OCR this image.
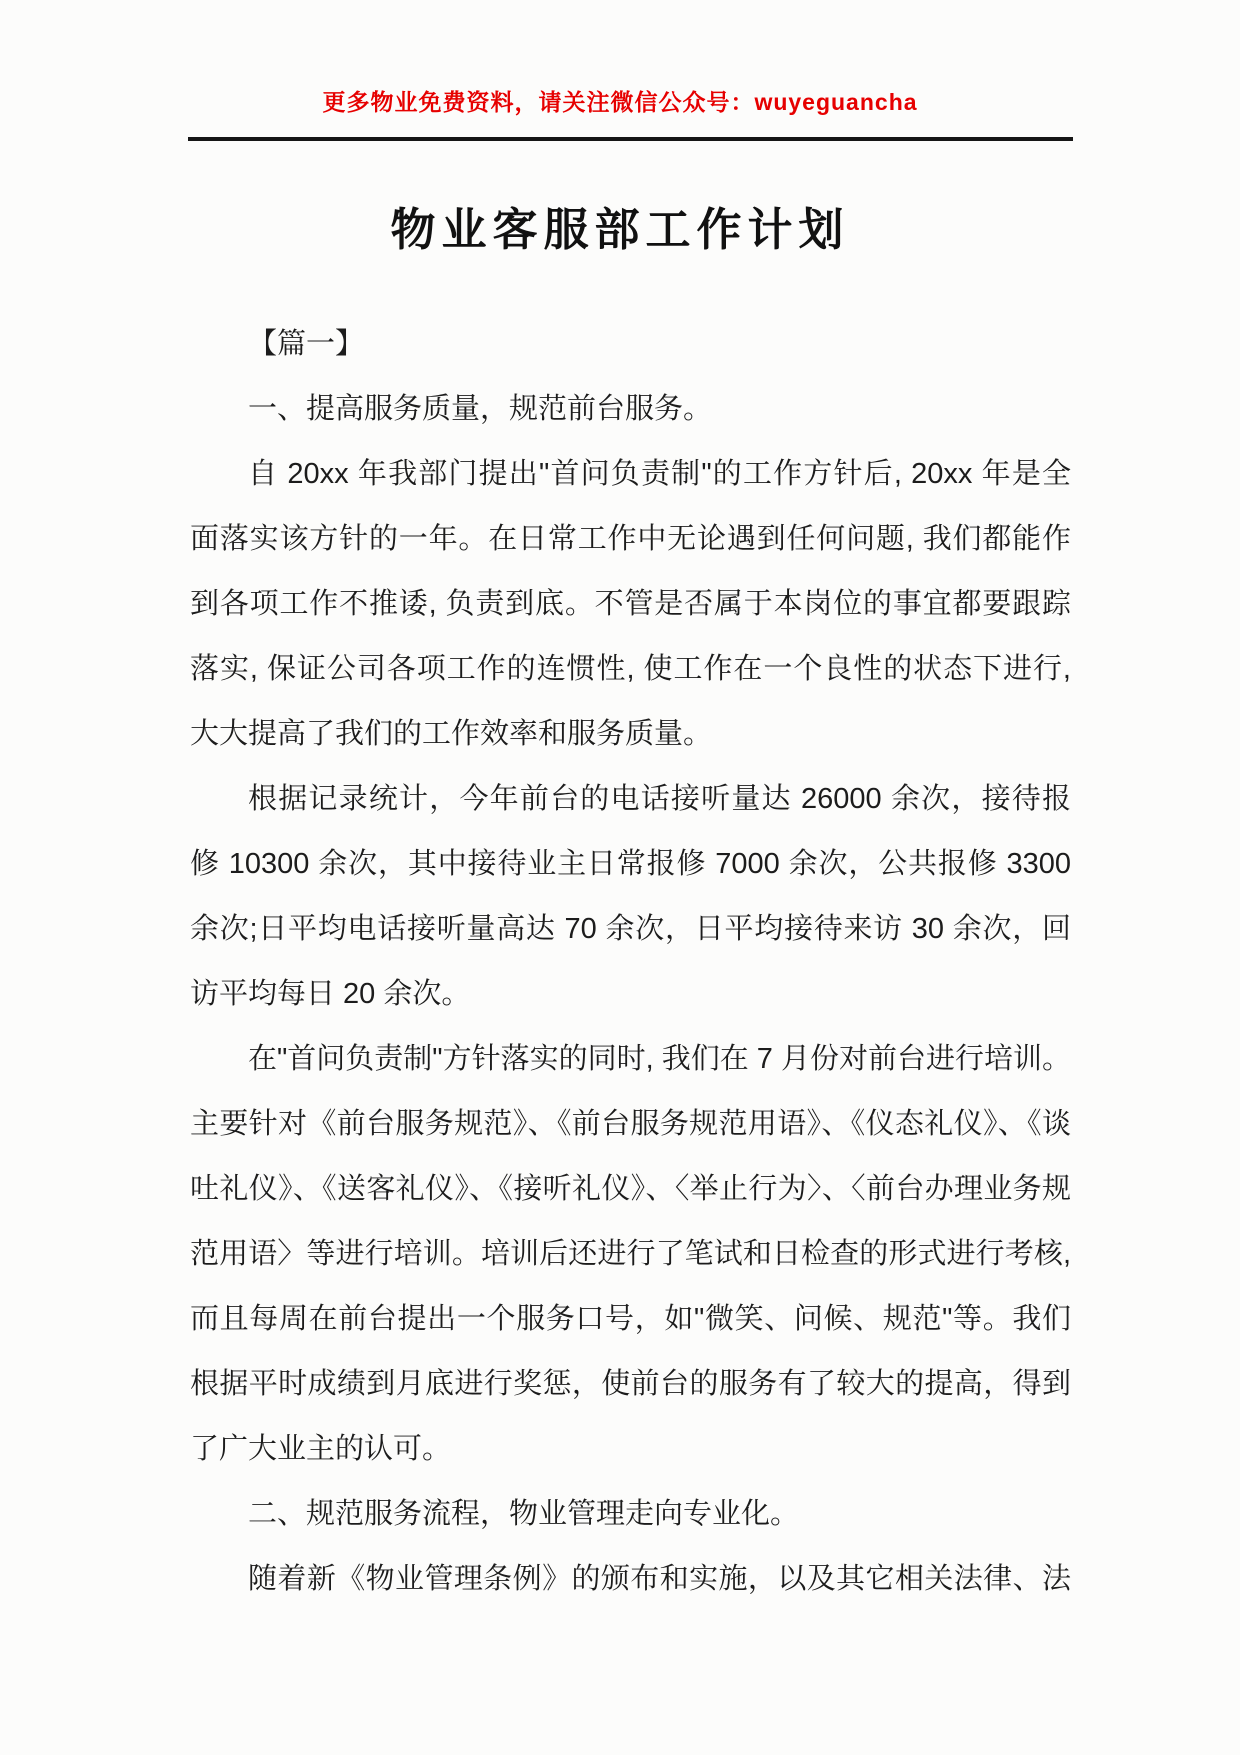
更多物业免费资料，请关注微信公众号：wuyeguancha
物业客服部工作计划
【篇一】
一、提高服务质量，规范前台服务。
自 20xx 年我部门提出"首问负责制"的工作方针后, 20xx 年是全
面落实该方针的一年。在日常工作中无论遇到任何问题, 我们都能作
到各项工作不推诿, 负责到底。不管是否属于本岗位的事宜都要跟踪
落实, 保证公司各项工作的连惯性, 使工作在一个良性的状态下进行,
大大提高了我们的工作效率和服务质量。
根据记录统计，今年前台的电话接听量达 26000 余次，接待报
修 10300 余次，其中接待业主日常报修 7000 余次，公共报修 3300
余次;日平均电话接听量高达 70 余次，日平均接待来访 30 余次，回
访平均每日 20 余次。
在"首问负责制"方针落实的同时, 我们在 7 月份对前台进行培训。
主要针对《前台服务规范》、《前台服务规范用语》、《仪态礼仪》、《谈
吐礼仪》、《送客礼仪》、《接听礼仪》、〈举止行为〉、〈前台办理业务规
范用语〉等进行培训。培训后还进行了笔试和日检查的形式进行考核,
而且每周在前台提出一个服务口号，如"微笑、问候、规范"等。我们
根据平时成绩到月底进行奖惩，使前台的服务有了较大的提高，得到
了广大业主的认可。
二、规范服务流程，物业管理走向专业化。
随着新《物业管理条例》的颁布和实施，以及其它相关法律、法
